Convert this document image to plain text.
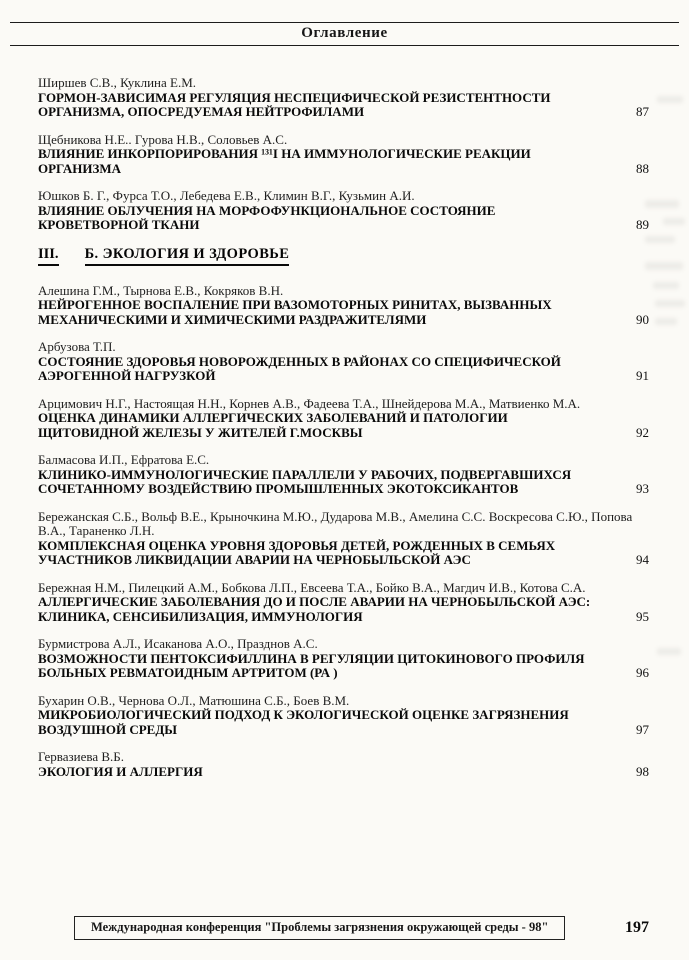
Оглавление
Ширшев С.В., Куклина Е.М.
ГОРМОН-ЗАВИСИМАЯ РЕГУЛЯЦИЯ НЕСПЕЦИФИЧЕСКОЙ РЕЗИСТЕНТНОСТИ ОРГАНИЗМА, ОПОСРЕДУЕМАЯ НЕЙТРОФИЛАМИ	87
Щебникова Н.Е.. Гурова Н.В., Соловьев А.С.
ВЛИЯНИЕ ИНКОРПОРИРОВАНИЯ ¹³¹I НА ИММУНОЛОГИЧЕСКИЕ РЕАКЦИИ ОРГАНИЗМА	88
Юшков Б. Г., Фурса Т.О., Лебедева Е.В., Климин В.Г., Кузьмин А.И.
ВЛИЯНИЕ ОБЛУЧЕНИЯ НА МОРФОФУНКЦИОНАЛЬНОЕ СОСТОЯНИЕ КРОВЕТВОРНОЙ ТКАНИ	89
III. Б. ЭКОЛОГИЯ И ЗДОРОВЬЕ
Алешина Г.М., Тырнова Е.В., Кокряков В.Н.
НЕЙРОГЕННОЕ ВОСПАЛЕНИЕ ПРИ ВАЗОМОТОРНЫХ РИНИТАХ, ВЫЗВАННЫХ МЕХАНИЧЕСКИМИ И ХИМИЧЕСКИМИ РАЗДРАЖИТЕЛЯМИ	90
Арбузова Т.П.
СОСТОЯНИЕ ЗДОРОВЬЯ НОВОРОЖДЕННЫХ В РАЙОНАХ СО СПЕЦИФИЧЕСКОЙ АЭРОГЕННОЙ НАГРУЗКОЙ	91
Арцимович Н.Г., Настоящая Н.Н., Корнев А.В., Фадеева Т.А., Шнейдерова М.А., Матвиенко М.А.
ОЦЕНКА ДИНАМИКИ АЛЛЕРГИЧЕСКИХ ЗАБОЛЕВАНИЙ И ПАТОЛОГИИ ЩИТОВИДНОЙ ЖЕЛЕЗЫ У ЖИТЕЛЕЙ Г.МОСКВЫ	92
Балмасова И.П., Ефратова Е.С.
КЛИНИКО-ИММУНОЛОГИЧЕСКИЕ ПАРАЛЛЕЛИ У РАБОЧИХ, ПОДВЕРГАВШИХСЯ СОЧЕТАННОМУ ВОЗДЕЙСТВИЮ ПРОМЫШЛЕННЫХ ЭКОТОКСИКАНТОВ	93
Бережанская С.Б., Вольф В.Е., Крыночкина М.Ю., Дударова М.В., Амелина С.С. Воскресова С.Ю., Попова В.А., Тараненко Л.Н.
КОМПЛЕКСНАЯ ОЦЕНКА УРОВНЯ ЗДОРОВЬЯ ДЕТЕЙ, РОЖДЕННЫХ В СЕМЬЯХ УЧАСТНИКОВ ЛИКВИДАЦИИ АВАРИИ НА ЧЕРНОБЫЛЬСКОЙ АЭС	94
Бережная Н.М., Пилецкий А.М., Бобкова Л.П., Евсеева Т.А., Бойко В.А., Магдич И.В., Котова С.А.
АЛЛЕРГИЧЕСКИЕ ЗАБОЛЕВАНИЯ ДО И ПОСЛЕ АВАРИИ НА ЧЕРНОБЫЛЬСКОЙ АЭС: КЛИНИКА, СЕНСИБИЛИЗАЦИЯ, ИММУНОЛОГИЯ	95
Бурмистрова А.Л., Исаканова А.О., Празднов А.С.
ВОЗМОЖНОСТИ ПЕНТОКСИФИЛЛИНА В РЕГУЛЯЦИИ ЦИТОКИНОВОГО ПРОФИЛЯ БОЛЬНЫХ РЕВМАТОИДНЫМ АРТРИТОМ (РА )	96
Бухарин О.В., Чернова О.Л., Матюшина С.Б., Боев В.М.
МИКРОБИОЛОГИЧЕСКИЙ ПОДХОД К ЭКОЛОГИЧЕСКОЙ ОЦЕНКЕ ЗАГРЯЗНЕНИЯ ВОЗДУШНОЙ СРЕДЫ	97
Гервазиева В.Б.
ЭКОЛОГИЯ И АЛЛЕРГИЯ	98
Международная конференция "Проблемы загрязнения окружающей среды - 98"	197
